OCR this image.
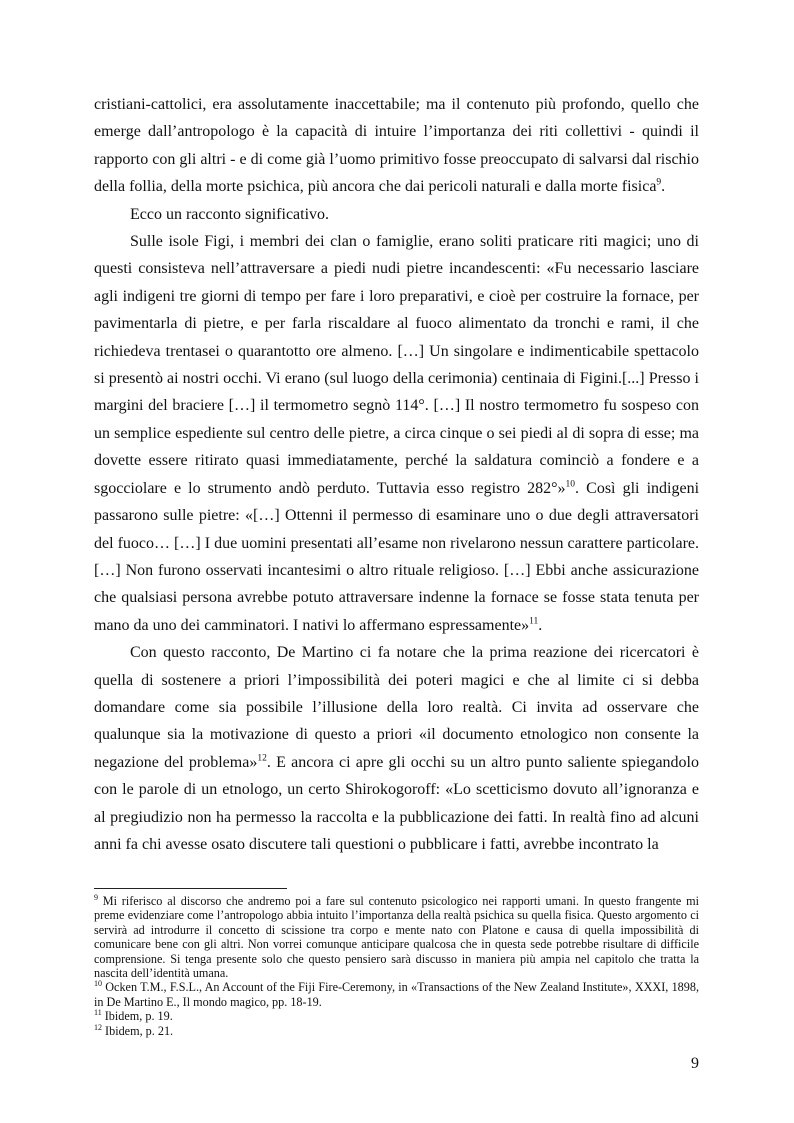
cristiani-cattolici, era assolutamente inaccettabile; ma il contenuto più profondo, quello che emerge dall’antropologo è la capacità di intuire l’importanza dei riti collettivi - quindi il rapporto con gli altri - e di come già l’uomo primitivo fosse preoccupato di salvarsi dal rischio della follia, della morte psichica, più ancora che dai pericoli naturali e dalla morte fisica$^9$.

Ecco un racconto significativo.

Sulle isole Figi, i membri dei clan o famiglie, erano soliti praticare riti magici; uno di questi consisteva nell’attraversare a piedi nudi pietre incandescenti: «Fu necessario lasciare agli indigeni tre giorni di tempo per fare i loro preparativi, e cioè per costruire la fornace, per pavimentarla di pietre, e per farla riscaldare al fuoco alimentato da tronchi e rami, il che richiedeva trentasei o quarantotto ore almeno. […] Un singolare e indimenticabile spettacolo si presentò ai nostri occhi. Vi erano (sul luogo della cerimonia) centinaia di Figini.[...] Presso i margini del braciere […] il termometro segnò 114°. […] Il nostro termometro fu sospeso con un semplice espediente sul centro delle pietre, a circa cinque o sei piedi al di sopra di esse; ma dovette essere ritirato quasi immediatamente, perché la saldatura cominciò a fondere e a sgocciolare e lo strumento andò perduto. Tuttavia esso registro 282°»$^{10}$. Così gli indigeni passarono sulle pietre: «[…] Ottenni il permesso di esaminare uno o due degli attraversatori del fuoco… […] I due uomini presentati all’esame non rivelarono nessun carattere particolare. […] Non furono osservati incantesimi o altro rituale religioso. […] Ebbi anche assicurazione che qualsiasi persona avrebbe potuto attraversare indenne la fornace se fosse stata tenuta per mano da uno dei camminatori. I nativi lo affermano espressamente»$^{11}$.

Con questo racconto, De Martino ci fa notare che la prima reazione dei ricercatori è quella di sostenere a priori l’impossibilità dei poteri magici e che al limite ci si debba domandare come sia possibile l’illusione della loro realtà. Ci invita ad osservare che qualunque sia la motivazione di questo a priori «il documento etnologico non consente la negazione del problema»$^{12}$. E ancora ci apre gli occhi su un altro punto saliente spiegandolo con le parole di un etnologo, un certo Shirokogoroff: «Lo scetticismo dovuto all’ignoranza e al pregiudizio non ha permesso la raccolta e la pubblicazione dei fatti. In realtà fino ad alcuni anni fa chi avesse osato discutere tali questioni o pubblicare i fatti, avrebbe incontrato la

$^9$ Mi riferisco al discorso che andremo poi a fare sul contenuto psicologico nei rapporti umani. In questo frangente mi preme evidenziare come l’antropologo abbia intuito l’importanza della realtà psichica su quella fisica. Questo argomento ci servirà ad introdurre il concetto di scissione tra corpo e mente nato con Platone e causa di quella impossibilità di comunicare bene con gli altri. Non vorrei comunque anticipare qualcosa che in questa sede potrebbe risultare di difficile comprensione. Si tenga presente solo che questo pensiero sarà discusso in maniera più ampia nel capitolo che tratta la nascita dell’identità umana.

$^{10}$ Ocken T.M., F.S.L., An Account of the Fiji Fire-Ceremony, in «Transactions of the New Zealand Institute», XXXI, 1898, in De Martino E., Il mondo magico, pp. 18-19.

$^{11}$ Ibidem, p. 19.

$^{12}$ Ibidem, p. 21.

9
